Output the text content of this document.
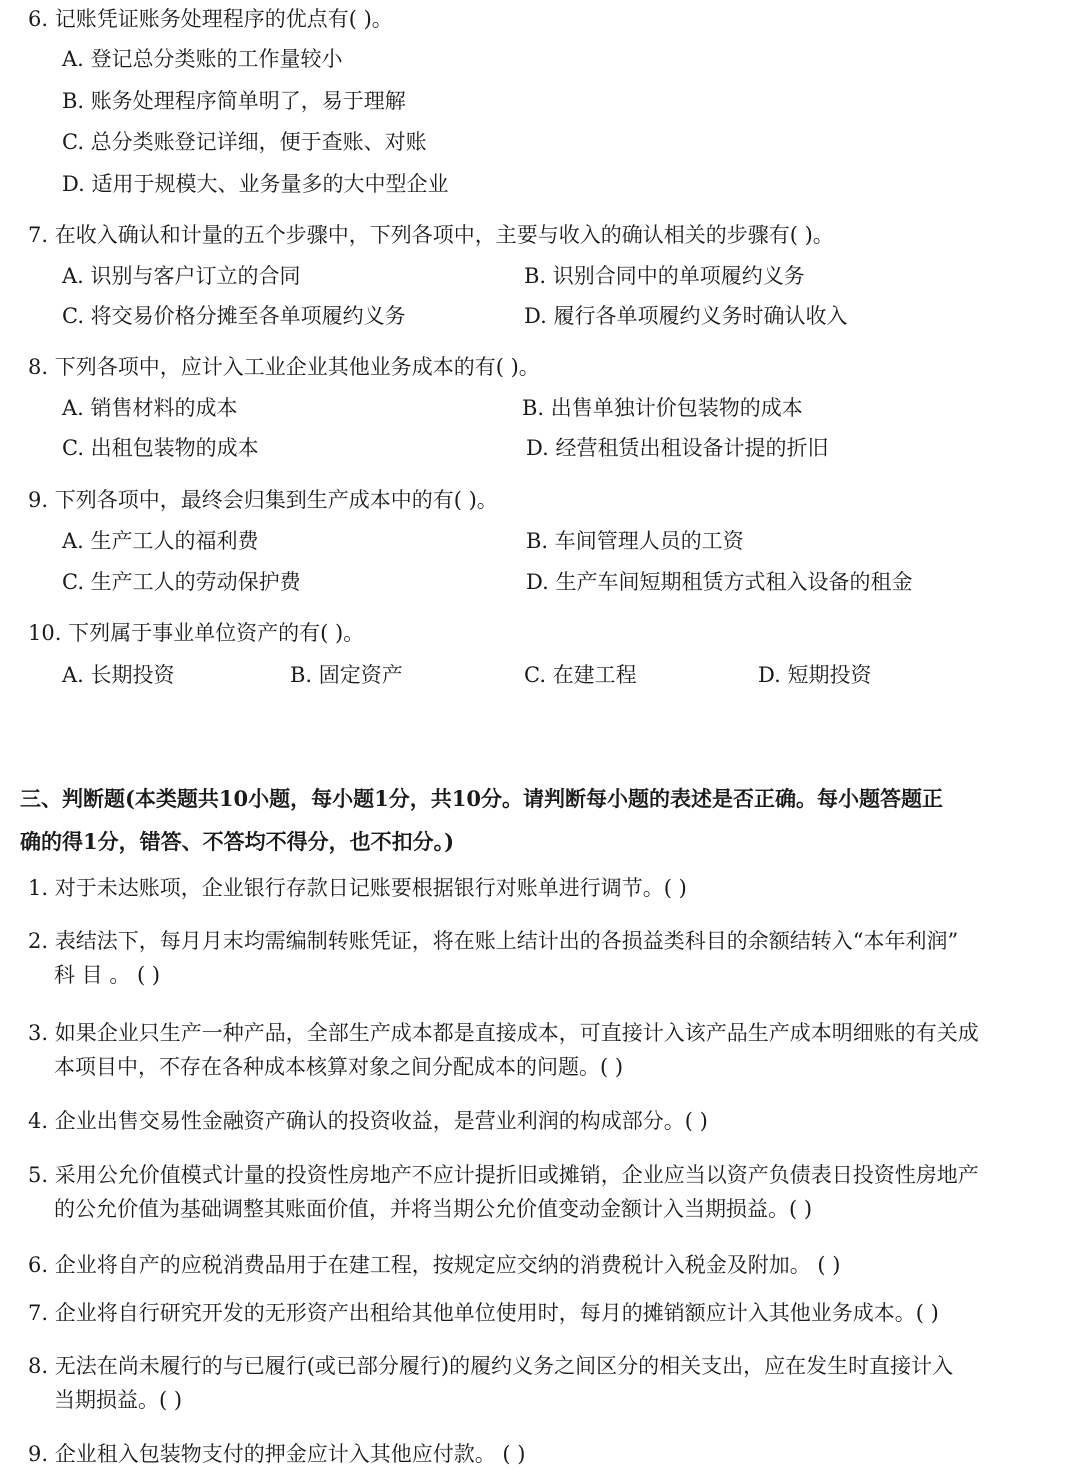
6. 记账凭证账务处理程序的优点有( )。
A. 登记总分类账的工作量较小
B. 账务处理程序简单明了，易于理解
C. 总分类账登记详细，便于查账、对账
D. 适用于规模大、业务量多的大中型企业
7. 在收入确认和计量的五个步骤中，下列各项中，主要与收入的确认相关的步骤有( )。
A. 识别与客户订立的合同	B. 识别合同中的单项履约义务
C. 将交易价格分摊至各单项履约义务	D. 履行各单项履约义务时确认收入
8. 下列各项中，应计入工业企业其他业务成本的有( )。
A. 销售材料的成本	B. 出售单独计价包装物的成本
C. 出租包装物的成本	D. 经营租赁出租设备计提的折旧
9. 下列各项中，最终会归集到生产成本中的有( )。
A. 生产工人的福利费	B. 车间管理人员的工资
C. 生产工人的劳动保护费	D. 生产车间短期租赁方式租入设备的租金
10. 下列属于事业单位资产的有( )。
A. 长期投资	B. 固定资产	C. 在建工程	D. 短期投资
三、判断题(本类题共10小题，每小题1分，共10分。请判断每小题的表述是否正确。每小题答题正
确的得1分，错答、不答均不得分，也不扣分。)
1. 对于未达账项，企业银行存款日记账要根据银行对账单进行调节。( )
2. 表结法下，每月月末均需编制转账凭证，将在账上结计出的各损益类科目的余额结转入“本年利润”
科 目 。 ( )
3. 如果企业只生产一种产品，全部生产成本都是直接成本，可直接计入该产品生产成本明细账的有关成
本项目中，不存在各种成本核算对象之间分配成本的问题。( )
4. 企业出售交易性金融资产确认的投资收益，是营业利润的构成部分。( )
5. 采用公允价值模式计量的投资性房地产不应计提折旧或摊销，企业应当以资产负债表日投资性房地产
的公允价值为基础调整其账面价值，并将当期公允价值变动金额计入当期损益。( )
6. 企业将自产的应税消费品用于在建工程，按规定应交纳的消费税计入税金及附加。 ( )
7. 企业将自行研究开发的无形资产出租给其他单位使用时，每月的摊销额应计入其他业务成本。( )
8. 无法在尚未履行的与已履行(或已部分履行)的履约义务之间区分的相关支出，应在发生时直接计入
当期损益。( )
9. 企业租入包装物支付的押金应计入其他应付款。 ( )
